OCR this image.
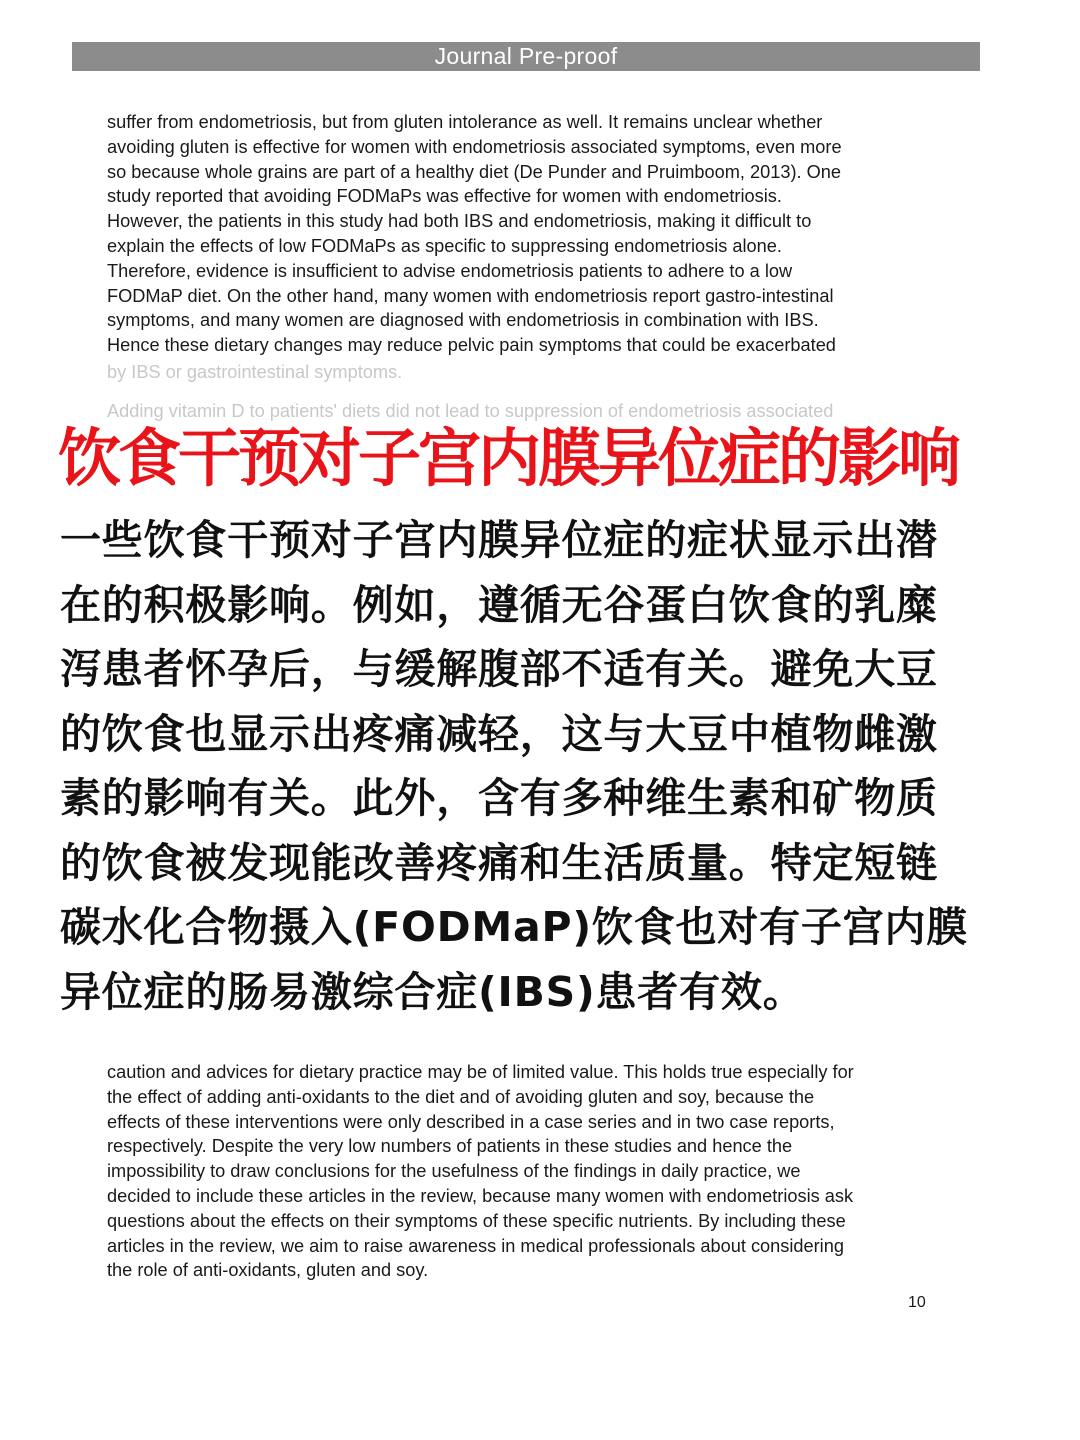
Journal Pre-proof

suffer from endometriosis, but from gluten intolerance as well. It remains unclear whether

avoiding gluten is effective for women with endometriosis associated symptoms, even more

so because whole grains are part of a healthy diet (De Punder and Pruimboom, 2013). One

study reported that avoiding FODMaPs was effective for women with endometriosis.

However, the patients in this study had both IBS and endometriosis, making it difficult to

explain the effects of low FODMaPs as specific to suppressing endometriosis alone.

Therefore, evidence is insufficient to advise endometriosis patients to adhere to a low

FODMaP diet. On the other hand, many women with endometriosis report gastro-intestinal

symptoms, and many women are diagnosed with endometriosis in combination with IBS.

Hence these dietary changes may reduce pelvic pain symptoms that could be exacerbated

by IBS or gastrointestinal symptoms.

Adding vitamin D to patients' diets did not lead to suppression of endometriosis associated

caution and advices for dietary practice may be of limited value. This holds true especially for

the effect of adding anti-oxidants to the diet and of avoiding gluten and soy, because the

effects of these interventions were only described in a case series and in two case reports,

respectively. Despite the very low numbers of patients in these studies and hence the

impossibility to draw conclusions for the usefulness of the findings in daily practice, we

decided to include these articles in the review, because many women with endometriosis ask

questions about the effects on their symptoms of these specific nutrients. By including these

articles in the review, we aim to raise awareness in medical professionals about considering

the role of anti-oxidants, gluten and soy.

10
饮食干预对子宫内膜异位症的影响
一些饮食干预对子宫内膜异位症的症状显示出潜
在的积极影响。例如，遵循无谷蛋白饮食的乳糜
泻患者怀孕后，与缓解腹部不适有关。避免大豆
的饮食也显示出疼痛减轻，这与大豆中植物雌激
素的影响有关。此外，含有多种维生素和矿物质
的饮食被发现能改善疼痛和生活质量。特定短链
碳水化合物摄入(FODMaP)饮食也对有子宫内膜
异位症的肠易激综合症(IBS)患者有效。
